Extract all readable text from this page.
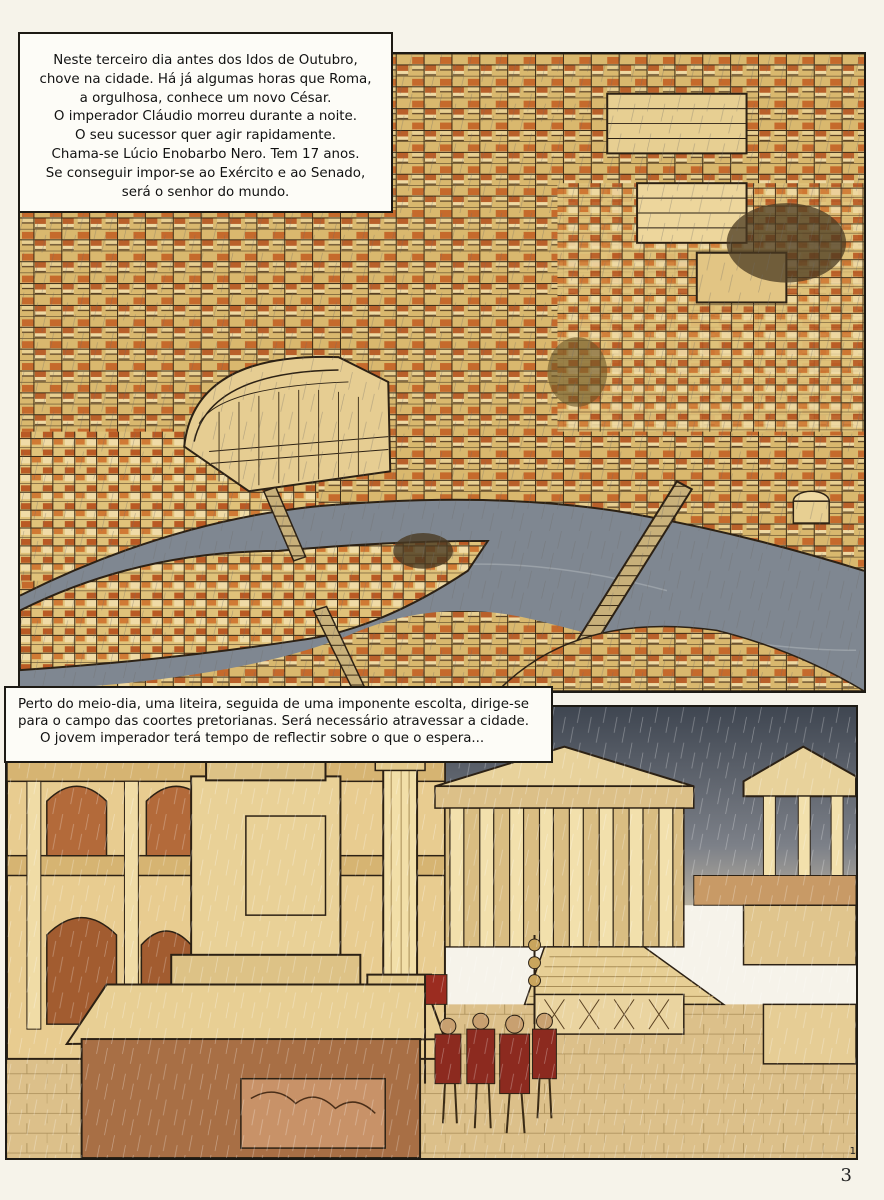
Neste terceiro dia antes dos Idos de Outubro,
chove na cidade. Há já algumas horas que Roma,
a orgulhosa, conhece um novo César.
O imperador Cláudio morreu durante a noite.
O seu sucessor quer agir rapidamente.
Chama-se Lúcio Enobarbo Nero. Tem 17 anos.
Se conseguir impor-se ao Exército e ao Senado,
será o senhor do mundo.
Perto do meio-dia, uma liteira, seguida de uma imponente escolta, dirige-se
para o campo das coortes pretorianas. Será necessário atravessar a cidade.
O jovem imperador terá tempo de reflectir sobre o que o espera...
1
3
